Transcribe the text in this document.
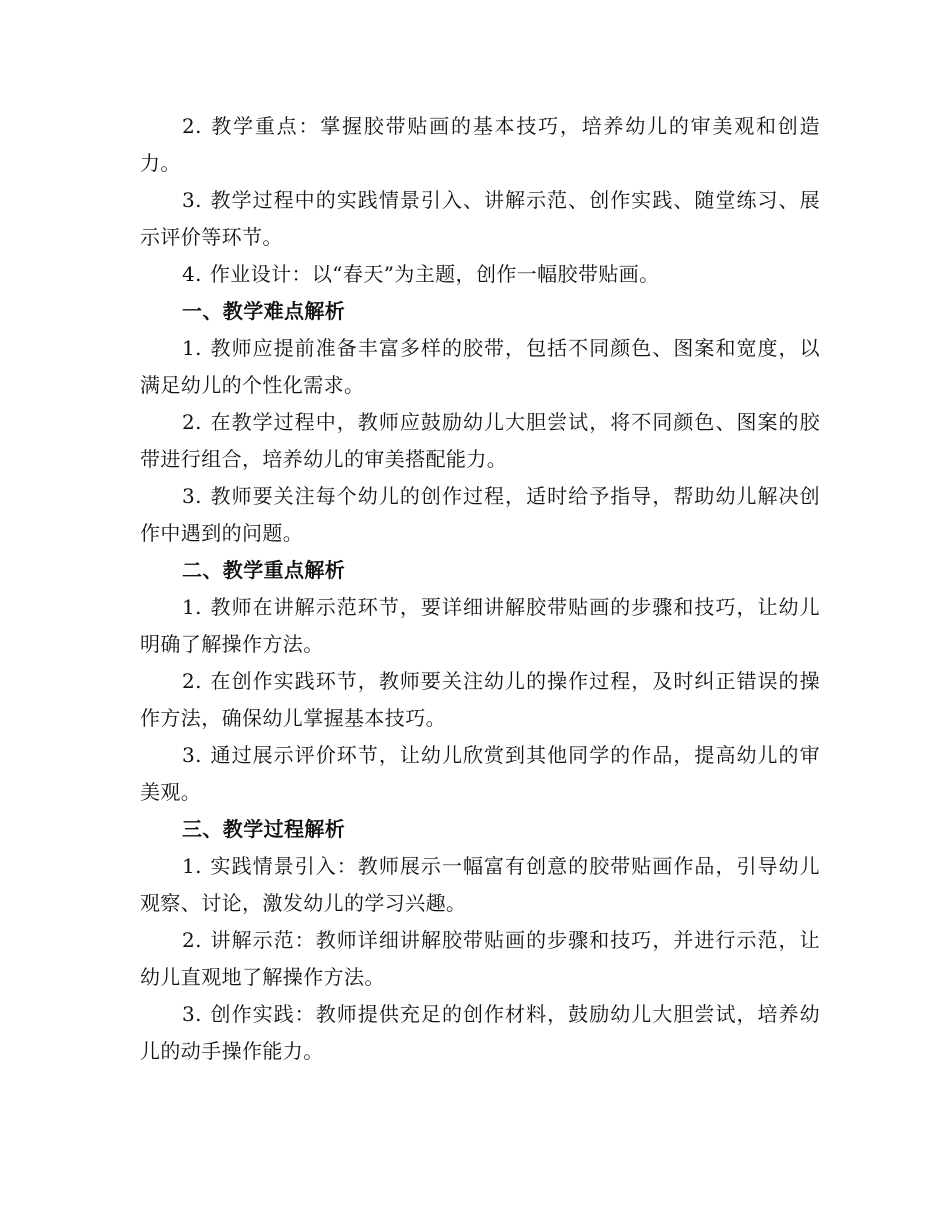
2. 教学重点：掌握胶带贴画的基本技巧，培养幼儿的审美观和创造力。

3. 教学过程中的实践情景引入、讲解示范、创作实践、随堂练习、展示评价等环节。

4. 作业设计：以“春天”为主题，创作一幅胶带贴画。

一、教学难点解析

1. 教师应提前准备丰富多样的胶带，包括不同颜色、图案和宽度，以满足幼儿的个性化需求。

2. 在教学过程中，教师应鼓励幼儿大胆尝试，将不同颜色、图案的胶带进行组合，培养幼儿的审美搭配能力。

3. 教师要关注每个幼儿的创作过程，适时给予指导，帮助幼儿解决创作中遇到的问题。

二、教学重点解析

1. 教师在讲解示范环节，要详细讲解胶带贴画的步骤和技巧，让幼儿明确了解操作方法。

2. 在创作实践环节，教师要关注幼儿的操作过程，及时纠正错误的操作方法，确保幼儿掌握基本技巧。

3. 通过展示评价环节，让幼儿欣赏到其他同学的作品，提高幼儿的审美观。

三、教学过程解析

1. 实践情景引入：教师展示一幅富有创意的胶带贴画作品，引导幼儿观察、讨论，激发幼儿的学习兴趣。

2. 讲解示范：教师详细讲解胶带贴画的步骤和技巧，并进行示范，让幼儿直观地了解操作方法。

3. 创作实践：教师提供充足的创作材料，鼓励幼儿大胆尝试，培养幼儿的动手操作能力。
